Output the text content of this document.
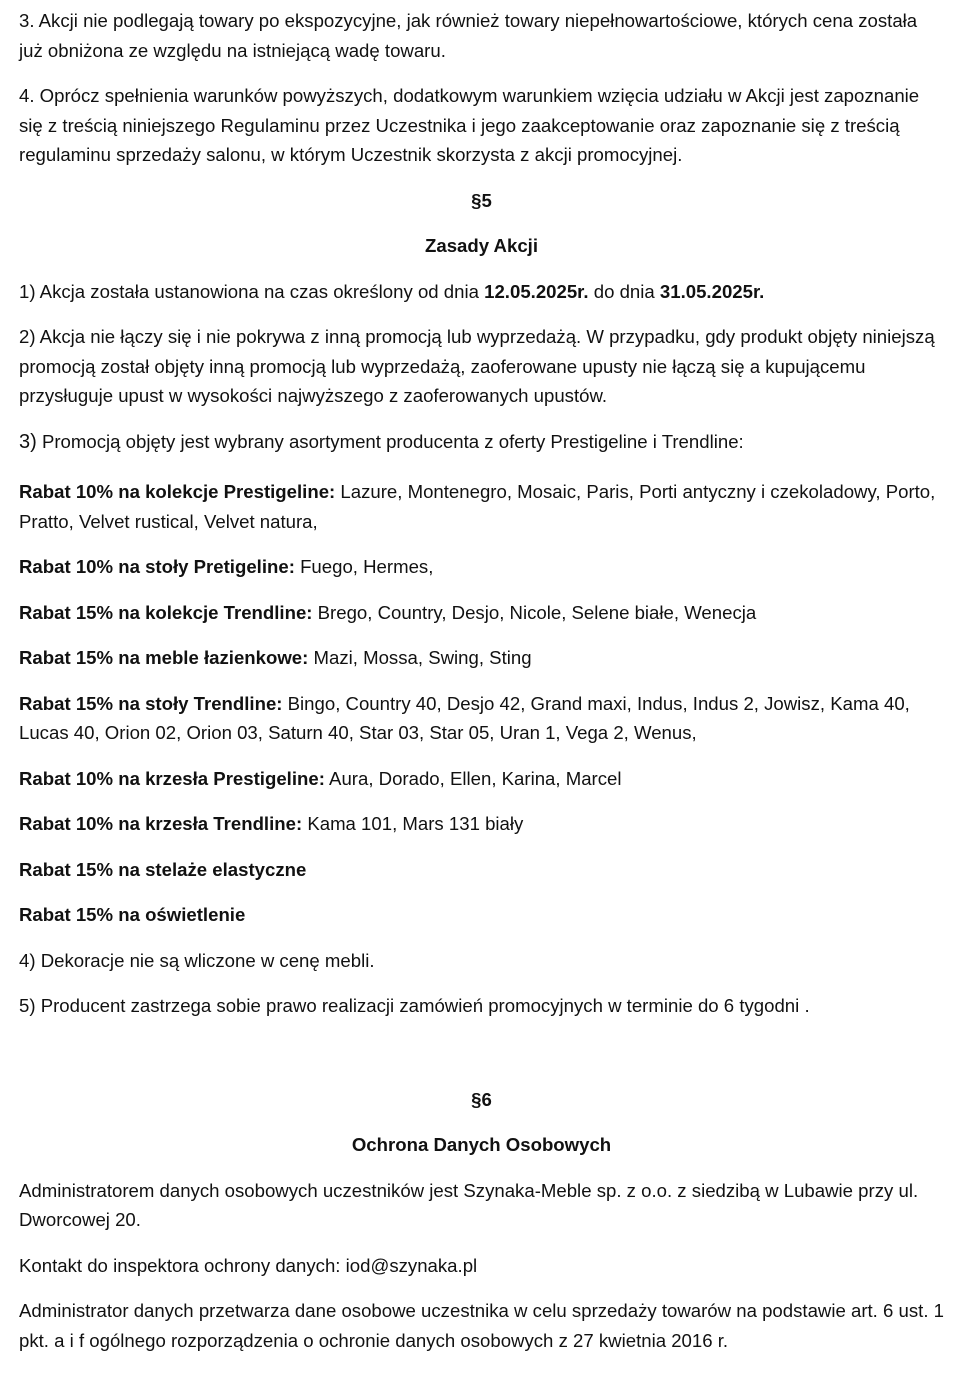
3. Akcji nie podlegają towary po ekspozycyjne, jak również towary niepełnowartościowe, których cena została już obniżona ze względu na istniejącą wadę towaru.

4. Oprócz spełnienia warunków powyższych, dodatkowym warunkiem wzięcia udziału w Akcji jest zapoznanie się z treścią niniejszego Regulaminu przez Uczestnika i jego zaakceptowanie oraz zapoznanie się z treścią regulaminu sprzedaży salonu, w którym Uczestnik skorzysta z akcji promocyjnej.

§5

Zasady Akcji

1) Akcja została ustanowiona na czas określony od dnia 12.05.2025r. do dnia 31.05.2025r.

2) Akcja nie łączy się i nie pokrywa z inną promocją lub wyprzedażą. W przypadku, gdy produkt objęty niniejszą promocją został objęty inną promocją lub wyprzedażą, zaoferowane upusty nie łączą się a kupującemu przysługuje upust w wysokości najwyższego z zaoferowanych upustów.

3) Promocją objęty jest wybrany asortyment producenta z oferty Prestigeline i Trendline:

Rabat 10% na kolekcje Prestigeline: Lazure, Montenegro, Mosaic, Paris, Porti antyczny i czekoladowy, Porto, Pratto, Velvet rustical, Velvet natura,

Rabat 10% na stoły Pretigeline: Fuego, Hermes,

Rabat 15% na kolekcje Trendline: Brego, Country, Desjo, Nicole, Selene białe, Wenecja

Rabat 15% na meble łazienkowe: Mazi, Mossa, Swing, Sting

Rabat 15% na stoły Trendline: Bingo, Country 40, Desjo 42, Grand maxi, Indus, Indus 2, Jowisz, Kama 40, Lucas 40, Orion 02, Orion 03, Saturn 40, Star 03, Star 05, Uran 1, Vega 2, Wenus,

Rabat 10% na krzesła Prestigeline: Aura, Dorado, Ellen, Karina, Marcel

Rabat 10% na krzesła Trendline: Kama 101, Mars 131 biały

Rabat 15% na stelaże elastyczne

Rabat 15% na oświetlenie

4) Dekoracje nie są wliczone w cenę mebli.

5) Producent zastrzega sobie prawo realizacji zamówień promocyjnych w terminie do 6 tygodni .

§6

Ochrona Danych Osobowych

Administratorem danych osobowych uczestników jest Szynaka-Meble sp. z o.o. z siedzibą w Lubawie przy ul. Dworcowej 20.

Kontakt do inspektora ochrony danych: iod@szynaka.pl

Administrator danych przetwarza dane osobowe uczestnika w celu sprzedaży towarów na podstawie art. 6 ust. 1 pkt. a i f ogólnego rozporządzenia o ochronie danych osobowych z 27 kwietnia 2016 r.
